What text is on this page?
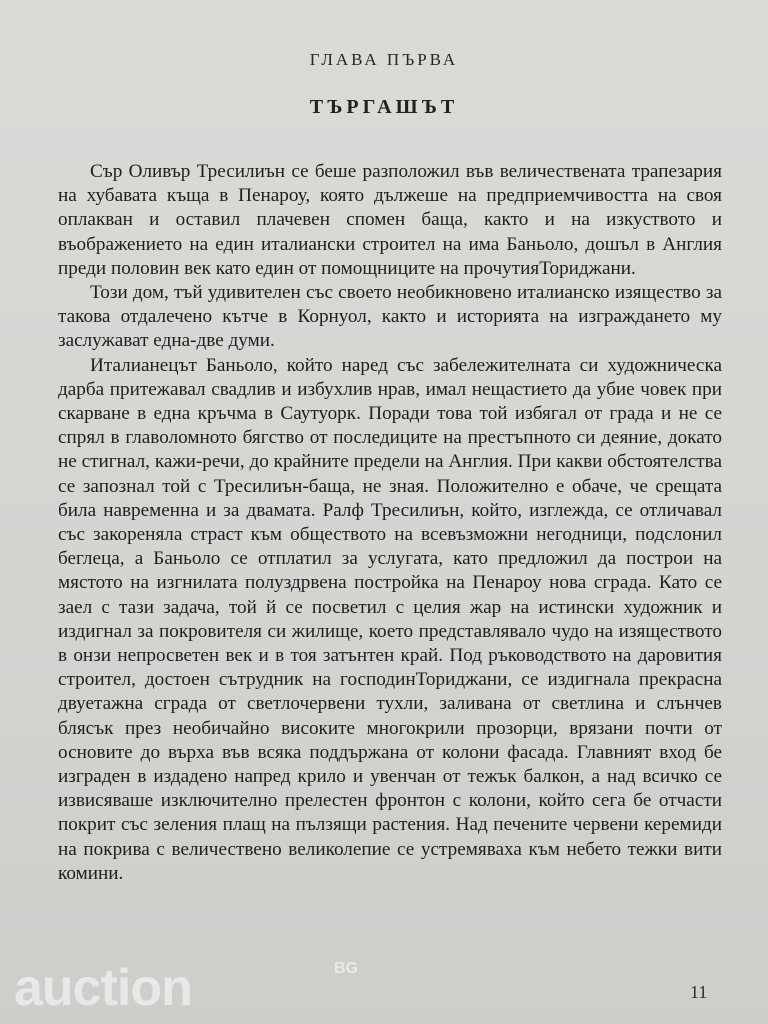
ГЛАВА ПЪРВА
ТЪРГАШЪТ

Сър Оливър Тресилиън се беше разположил във величествената трапезария на хубавата къща в Пенароу, която дължеше на предприемчивостта на своя оплакван и оставил плачевен спомен баща, както и на изкуството и въображението на един италиански строител на има Баньоло, дошъл в Англия преди половин век като един от помощниците на прочутияТориджани.

Този дом, тъй удивителен със своето необикновено италианско изящество за такова отдалечено кътче в Корнуол, както и историята на изграждането му заслужават една-две думи.

Италианецът Баньоло, който наред със забележителната си художническа дарба притежавал свадлив и избухлив нрав, имал нещастието да убие човек при скарване в една кръчма в Саутуорк. Поради това той избягал от града и не се спрял в главоломното бягство от последиците на престъпното си деяние, докато не стигнал, кажи-речи, до крайните предели на Англия. При какви обстоятелства се запознал той с Тресилиън-баща, не зная. Положително е обаче, че срещата била навременна и за двамата. Ралф Тресилиън, който, изглежда, се отличавал със закореняла страст към обществото на всевъзможни негодници, подслонил беглеца, а Баньоло се отплатил за услугата, като предложил да построи на мястото на изгнилата полуздрвена постройка на Пенароу нова сграда. Като се заел с тази задача, той й се посветил с целия жар на истински художник и издигнал за покровителя си жилище, което представлявало чудо на изяществото в онзи непросветен век и в тоя затънтен край. Под ръководството на даровития строител, достоен сътрудник на господинТориджани, се издигнала прекрасна двуетажна сграда от светлочервени тухли, заливана от светлина и слънчев блясък през необичайно високите многокрили прозорци, врязани почти от основите до върха във всяка поддържана от колони фасада. Главният вход бе изграден в издадено напред крило и увенчан от тежък балкон, а над всичко се извисяваше изключително прелестен фронтон с колони, който сега бе отчасти покрит със зеления плащ на пълзящи растения. Над печените червени керемиди на покрива с величествено великолепие се устремяваха към небето тежки вити комини.

auction	BG
11
